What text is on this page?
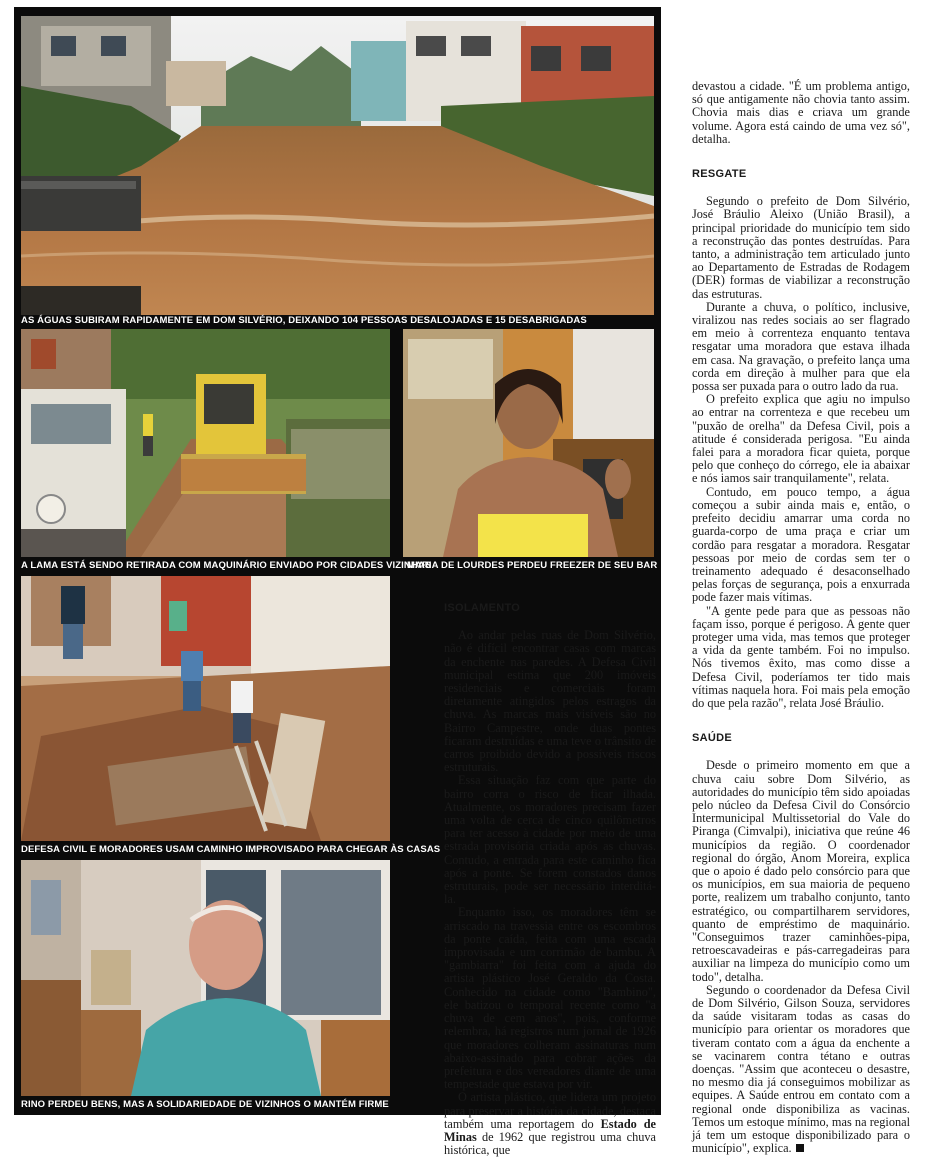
AS ÁGUAS SUBIRAM RAPIDAMENTE EM DOM SILVÉRIO, DEIXANDO 104 PESSOAS DESALOJADAS E 15 DESABRIGADAS
A LAMA ESTÁ SENDO RETIRADA COM MAQUINÁRIO ENVIADO POR CIDADES VIZINHAS
MARIA DE LOURDES PERDEU FREEZER DE SEU BAR
DEFESA CIVIL E MORADORES USAM CAMINHO IMPROVISADO PARA CHEGAR ÀS CASAS
RINO PERDEU BENS, MAS A SOLIDARIEDADE DE VIZINHOS O MANTÉM FIRME
ISOLAMENTO

Ao andar pelas ruas de Dom Silvério, não é difícil encontrar casas com marcas da enchente nas paredes. A Defesa Civil municipal estima que 200 imóveis residenciais e comerciais foram diretamente atingidos pelos estragos da chuva. As marcas mais visíveis são no Bairro Campestre, onde duas pontes ficaram destruídas e uma teve o trânsito de carros proibido devido a possíveis riscos estruturais.

Essa situação faz com que parte do bairro corra o risco de ficar ilhada. Atualmente, os moradores precisam fazer uma volta de cerca de cinco quilômetros para ter acesso à cidade por meio de uma estrada provisória criada após as chuvas. Contudo, a entrada para este caminho fica após a ponte. Se forem constados danos estruturais, pode ser necessário interditá-la.

Enquanto isso, os moradores têm se arriscado na travessia entre os escombros da ponte caída, feita com uma escada improvisada e um corrimão de bambu. A "gambiarra" foi feita com a ajuda do artista plástico José Geraldo da Costa. Conhecido na cidade como "Bambino", ele batizou o temporal recente como "a chuva de cem anos", pois, conforme relembra, há registros num jornal de 1926 que moradores colheram assinaturas num abaixo-assinado para cobrar ações da prefeitura e dos vereadores diante de uma tempestade que estava por vir.

O artista plástico, que lidera um projeto para preservar a história da cidade, destaca também uma reportagem do Estado de Minas de 1962 que registrou uma chuva histórica, que

devastou a cidade. "É um problema antigo, só que antigamente não chovia tanto assim. Chovia mais dias e criava um grande volume. Agora está caindo de uma vez só", detalha.

RESGATE

Segundo o prefeito de Dom Silvério, José Bráulio Aleixo (União Brasil), a principal prioridade do município tem sido a reconstrução das pontes destruídas. Para tanto, a administração tem articulado junto ao Departamento de Estradas de Rodagem (DER) formas de viabilizar a reconstrução das estruturas.

Durante a chuva, o político, inclusive, viralizou nas redes sociais ao ser flagrado em meio à correnteza enquanto tentava resgatar uma moradora que estava ilhada em casa. Na gravação, o prefeito lança uma corda em direção à mulher para que ela possa ser puxada para o outro lado da rua.

O prefeito explica que agiu no impulso ao entrar na correnteza e que recebeu um "puxão de orelha" da Defesa Civil, pois a atitude é considerada perigosa. "Eu ainda falei para a moradora ficar quieta, porque pelo que conheço do córrego, ele ia abaixar e nós iamos sair tranquilamente", relata.

Contudo, em pouco tempo, a água começou a subir ainda mais e, então, o prefeito decidiu amarrar uma corda no guarda-corpo de uma praça e criar um cordão para resgatar a moradora. Resgatar pessoas por meio de cordas sem ter o treinamento adequado é desaconselhado pelas forças de segurança, pois a enxurrada pode fazer mais vítimas.

"A gente pede para que as pessoas não façam isso, porque é perigoso. A gente quer proteger uma vida, mas temos que proteger a vida da gente também. Foi no impulso. Nós tivemos êxito, mas como disse a Defesa Civil, poderíamos ter tido mais vítimas naquela hora. Foi mais pela emoção do que pela razão", relata José Bráulio.

SAÚDE

Desde o primeiro momento em que a chuva caiu sobre Dom Silvério, as autoridades do município têm sido apoiadas pelo núcleo da Defesa Civil do Consórcio Intermunicipal Multissetorial do Vale do Piranga (Cimvalpi), iniciativa que reúne 46 municípios da região. O coordenador regional do órgão, Anom Moreira, explica que o apoio é dado pelo consórcio para que os municípios, em sua maioria de pequeno porte, realizem um trabalho conjunto, tanto estratégico, ou compartilharem servidores, quanto de empréstimo de maquinário. "Conseguimos trazer caminhões-pipa, retroescavadeiras e pás-carregadeiras para auxiliar na limpeza do município como um todo", detalha.

Segundo o coordenador da Defesa Civil de Dom Silvério, Gilson Souza, servidores da saúde visitaram todas as casas do município para orientar os moradores que tiveram contato com a água da enchente a se vacinarem contra tétano e outras doenças. "Assim que aconteceu o desastre, no mesmo dia já conseguimos mobilizar as equipes. A Saúde entrou em contato com a regional onde disponibiliza as vacinas. Temos um estoque mínimo, mas na regional já tem um estoque disponibilizado para o município", explica.
